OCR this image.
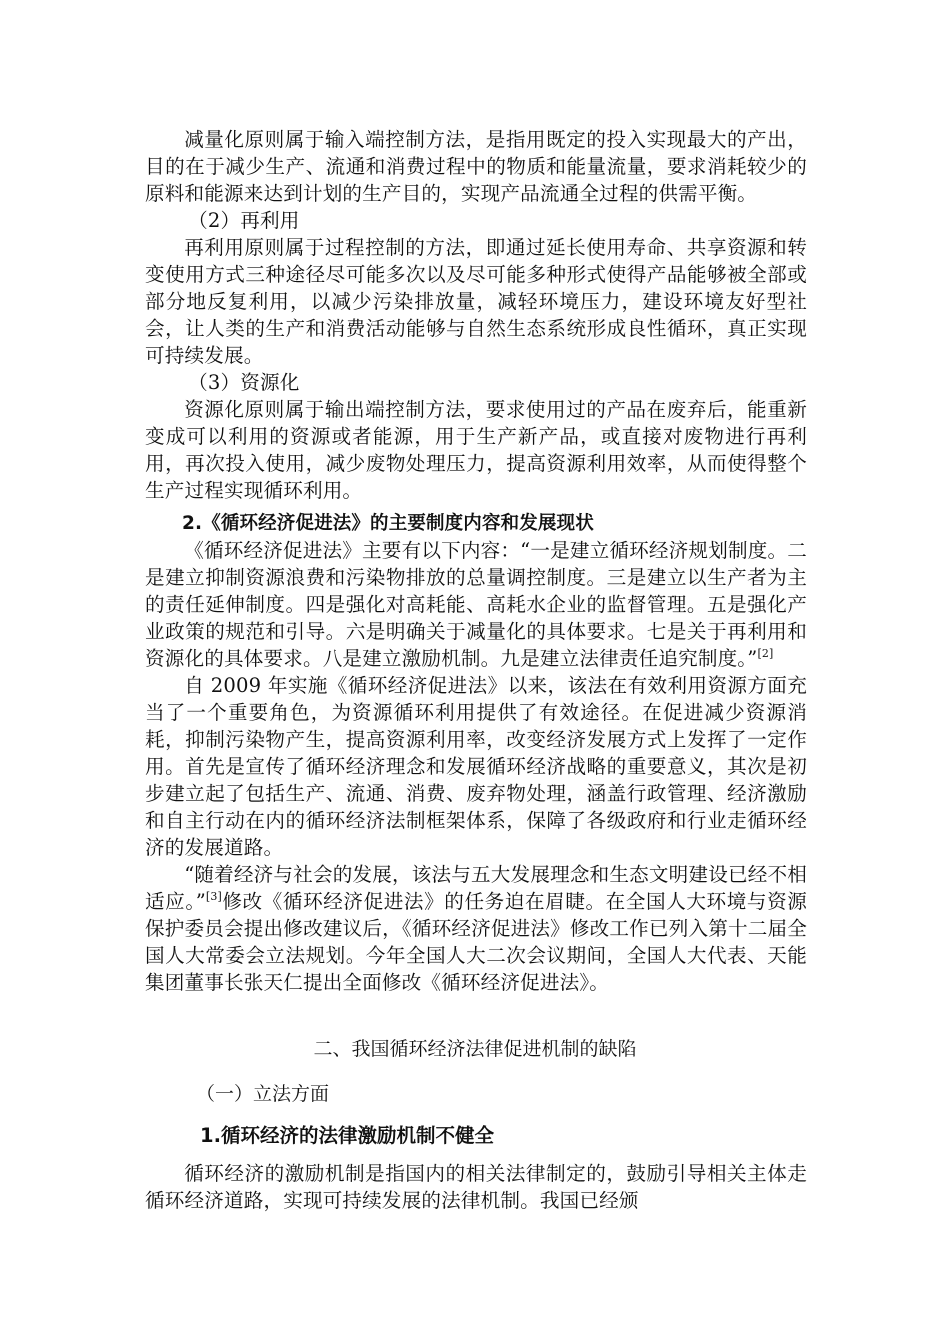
减量化原则属于输入端控制方法，是指用既定的投入实现最大的产出，目的在于减少生产、流通和消费过程中的物质和能量流量，要求消耗较少的原料和能源来达到计划的生产目的，实现产品流通全过程的供需平衡。

（2）再利用

再利用原则属于过程控制的方法，即通过延长使用寿命、共享资源和转变使用方式三种途径尽可能多次以及尽可能多种形式使得产品能够被全部或部分地反复利用，以减少污染排放量，减轻环境压力，建设环境友好型社会，让人类的生产和消费活动能够与自然生态系统形成良性循环，真正实现可持续发展。

（3）资源化

资源化原则属于输出端控制方法，要求使用过的产品在废弃后，能重新变成可以利用的资源或者能源，用于生产新产品，或直接对废物进行再利用，再次投入使用，减少废物处理压力，提高资源利用效率，从而使得整个生产过程实现循环利用。

2.《循环经济促进法》的主要制度内容和发展现状

《循环经济促进法》主要有以下内容：“一是建立循环经济规划制度。二是建立抑制资源浪费和污染物排放的总量调控制度。三是建立以生产者为主的责任延伸制度。四是强化对高耗能、高耗水企业的监督管理。五是强化产业政策的规范和引导。六是明确关于减量化的具体要求。七是关于再利用和资源化的具体要求。八是建立激励机制。九是建立法律责任追究制度。”[2]

自 2009 年实施《循环经济促进法》以来，该法在有效利用资源方面充当了一个重要角色，为资源循环利用提供了有效途径。在促进减少资源消耗，抑制污染物产生，提高资源利用率，改变经济发展方式上发挥了一定作用。首先是宣传了循环经济理念和发展循环经济战略的重要意义，其次是初步建立起了包括生产、流通、消费、废弃物处理，涵盖行政管理、经济激励和自主行动在内的循环经济法制框架体系，保障了各级政府和行业走循环经济的发展道路。

“随着经济与社会的发展，该法与五大发展理念和生态文明建设已经不相适应。”[3]修改《循环经济促进法》的任务迫在眉睫。在全国人大环境与资源保护委员会提出修改建议后，《循环经济促进法》修改工作已列入第十二届全国人大常委会立法规划。今年全国人大二次会议期间，全国人大代表、天能集团董事长张天仁提出全面修改《循环经济促进法》。

二、我国循环经济法律促进机制的缺陷
（一）立法方面
1.循环经济的法律激励机制不健全

循环经济的激励机制是指国内的相关法律制定的，鼓励引导相关主体走循环经济道路，实现可持续发展的法律机制。我国已经颁
